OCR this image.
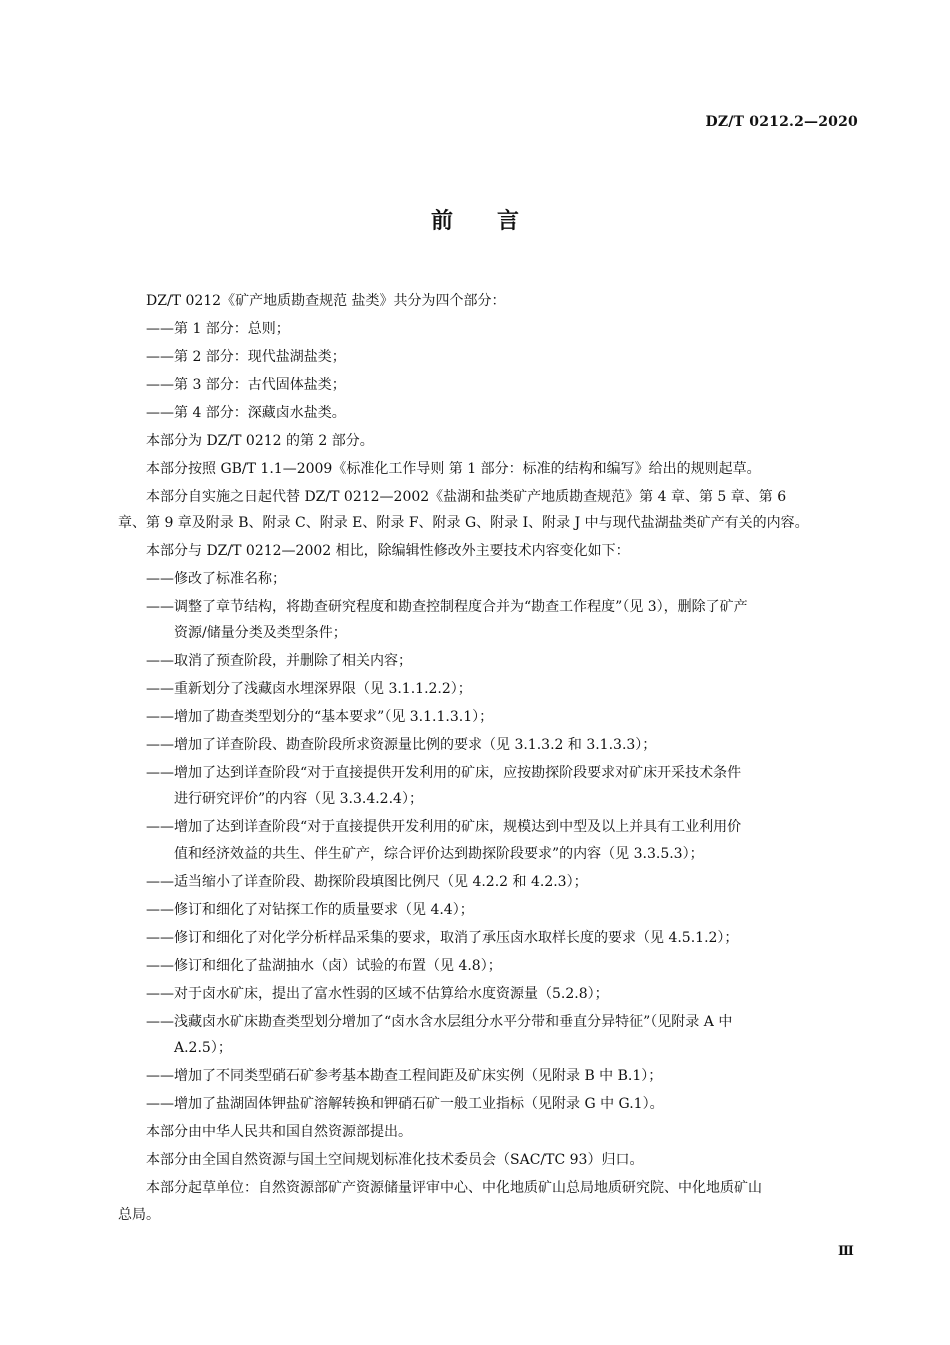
DZ/T 0212.2—2020
前言
DZ/T 0212《矿产地质勘查规范 盐类》共分为四个部分：
——第 1 部分：总则；
——第 2 部分：现代盐湖盐类；
——第 3 部分：古代固体盐类；
——第 4 部分：深藏卤水盐类。
本部分为 DZ/T 0212 的第 2 部分。
本部分按照 GB/T 1.1—2009《标准化工作导则 第 1 部分：标准的结构和编写》给出的规则起草。
本部分自实施之日起代替 DZ/T 0212—2002《盐湖和盐类矿产地质勘查规范》第 4 章、第 5 章、第 6
章、第 9 章及附录 B、附录 C、附录 E、附录 F、附录 G、附录 I、附录 J 中与现代盐湖盐类矿产有关的内容。
本部分与 DZ/T 0212—2002 相比，除编辑性修改外主要技术内容变化如下：
——修改了标准名称；
——调整了章节结构，将勘查研究程度和勘查控制程度合并为“勘查工作程度”（见 3），删除了矿产
资源/储量分类及类型条件；
——取消了预查阶段，并删除了相关内容；
——重新划分了浅藏卤水埋深界限（见 3.1.1.2.2）；
——增加了勘查类型划分的“基本要求”（见 3.1.1.3.1）；
——增加了详查阶段、勘查阶段所求资源量比例的要求（见 3.1.3.2 和 3.1.3.3）；
——增加了达到详查阶段“对于直接提供开发利用的矿床，应按勘探阶段要求对矿床开采技术条件
进行研究评价”的内容（见 3.3.4.2.4）；
——增加了达到详查阶段“对于直接提供开发利用的矿床，规模达到中型及以上并具有工业利用价
值和经济效益的共生、伴生矿产，综合评价达到勘探阶段要求”的内容（见 3.3.5.3）；
——适当缩小了详查阶段、勘探阶段填图比例尺（见 4.2.2 和 4.2.3）；
——修订和细化了对钻探工作的质量要求（见 4.4）；
——修订和细化了对化学分析样品采集的要求，取消了承压卤水取样长度的要求（见 4.5.1.2）；
——修订和细化了盐湖抽水（卤）试验的布置（见 4.8）；
——对于卤水矿床，提出了富水性弱的区域不估算给水度资源量（5.2.8）；
——浅藏卤水矿床勘查类型划分增加了“卤水含水层组分水平分带和垂直分异特征”（见附录 A 中
A.2.5）；
——增加了不同类型硝石矿参考基本勘查工程间距及矿床实例（见附录 B 中 B.1）；
——增加了盐湖固体钾盐矿溶解转换和钾硝石矿一般工业指标（见附录 G 中 G.1）。
本部分由中华人民共和国自然资源部提出。
本部分由全国自然资源与国土空间规划标准化技术委员会（SAC/TC 93）归口。
本部分起草单位：自然资源部矿产资源储量评审中心、中化地质矿山总局地质研究院、中化地质矿山
总局。
Ⅲ
